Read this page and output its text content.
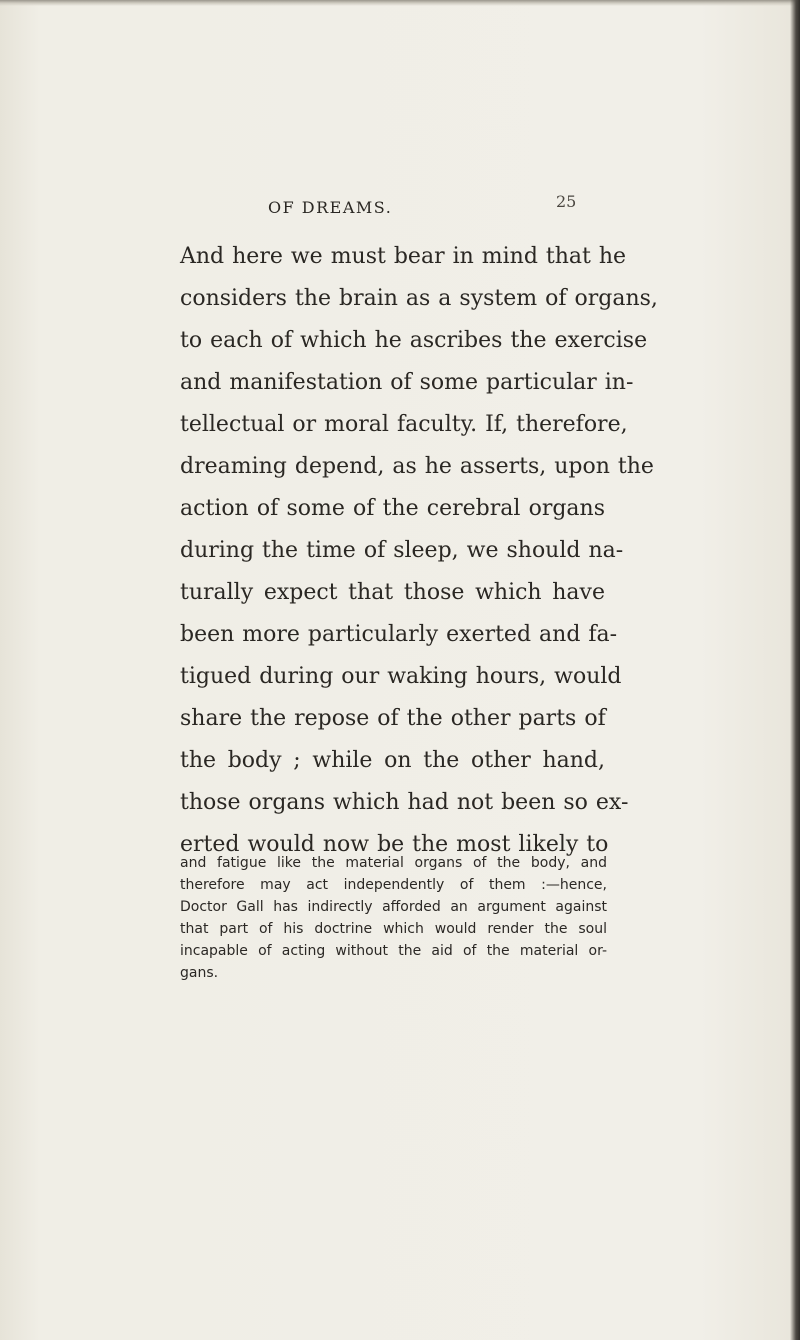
OF DREAMS.	25
And here we must bear in mind that he
considers the brain as a system of organs,
to each of which he ascribes the exercise
and manifestation of some particular in-
tellectual or moral faculty. If, therefore,
dreaming depend, as he asserts, upon the
action of some of the cerebral organs
during the time of sleep, we should na-
turally expect that those which have
been more particularly exerted and fa-
tigued during our waking hours, would
share the repose of the other parts of
the body ; while on the other hand,
those organs which had not been so ex-
erted would now be the most likely to
and fatigue like the material organs of the body, and
therefore may act independently of them :—hence,
Doctor Gall has indirectly afforded an argument against
that part of his doctrine which would render the soul
incapable of acting without the aid of the material or-
gans.
